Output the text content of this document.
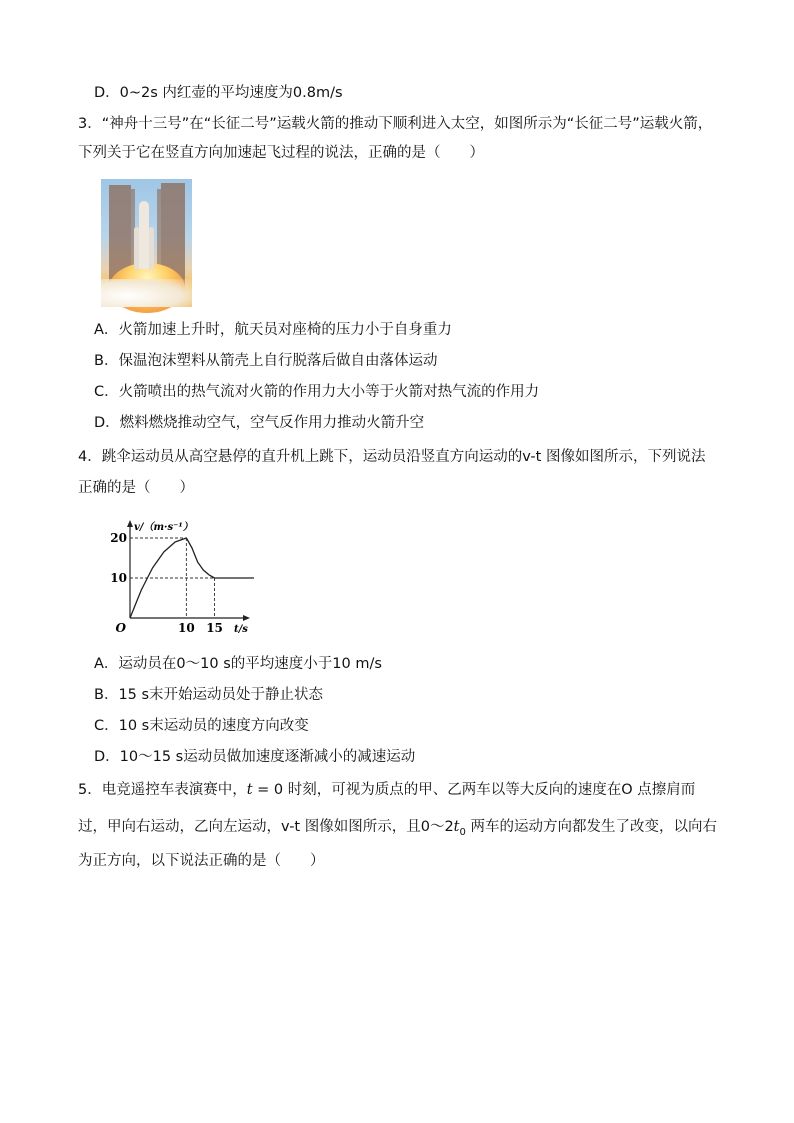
D．0~2s 内红壶的平均速度为0.8m/s
3．“神舟十三号”在“长征二号”运载火箭的推动下顺利进入太空，如图所示为“长征二号”运载火箭，
下列关于它在竖直方向加速起飞过程的说法，正确的是（　　）
A．火箭加速上升时，航天员对座椅的压力小于自身重力
B．保温泡沫塑料从箭壳上自行脱落后做自由落体运动
C．火箭喷出的热气流对火箭的作用力大小等于火箭对热气流的作用力
D．燃料燃烧推动空气，空气反作用力推动火箭升空
4．跳伞运动员从高空悬停的直升机上跳下，运动员沿竖直方向运动的v-t 图像如图所示，下列说法
正确的是（　　）
10
20
10 15
O
v/（m·s⁻¹）
t/s
A．运动员在0～10 s的平均速度小于10 m/s
B．15 s末开始运动员处于静止状态
C．10 s末运动员的速度方向改变
D．10～15 s运动员做加速度逐渐减小的减速运动
5．电竞遥控车表演赛中，t = 0 时刻，可视为质点的甲、乙两车以等大反向的速度在O 点擦肩而
过，甲向右运动，乙向左运动，v-t 图像如图所示，且$0\sim 2t_0$ 两车的运动方向都发生了改变，以向右
为正方向，以下说法正确的是（　　）
